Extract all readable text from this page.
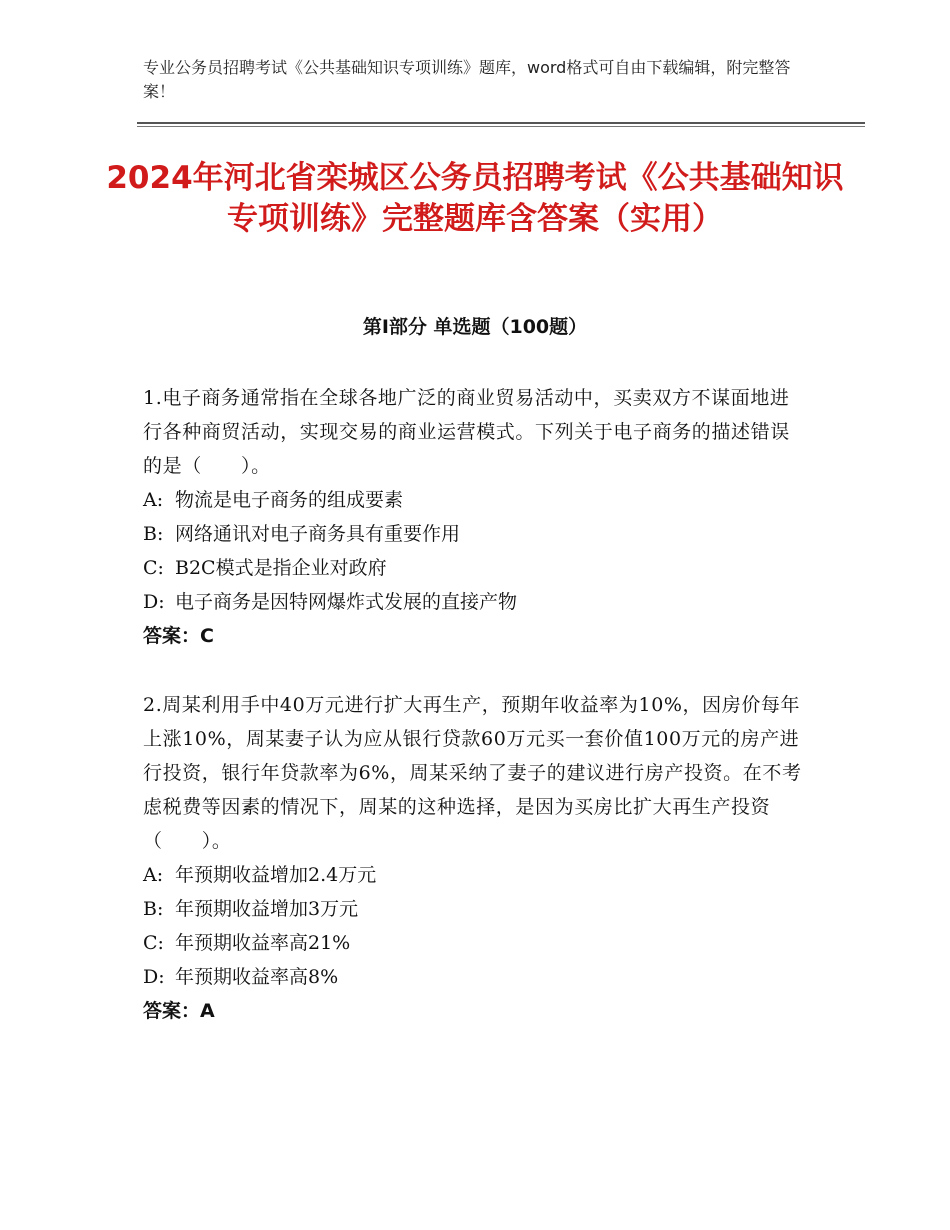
专业公务员招聘考试《公共基础知识专项训练》题库，word格式可自由下载编辑，附完整答案！
2024年河北省栾城区公务员招聘考试《公共基础知识专项训练》完整题库含答案（实用）
第Ⅰ部分 单选题（100题）

1.电子商务通常指在全球各地广泛的商业贸易活动中，买卖双方不谋面地进行各种商贸活动，实现交易的商业运营模式。下列关于电子商务的描述错误的是（　　）。

A: 物流是电子商务的组成要素

B: 网络通讯对电子商务具有重要作用

C: B2C模式是指企业对政府

D: 电子商务是因特网爆炸式发展的直接产物

答案：C

2.周某利用手中40万元进行扩大再生产，预期年收益率为10%，因房价每年上涨10%，周某妻子认为应从银行贷款60万元买一套价值100万元的房产进行投资，银行年贷款率为6%，周某采纳了妻子的建议进行房产投资。在不考虑税费等因素的情况下，周某的这种选择，是因为买房比扩大再生产投资（　　）。

A: 年预期收益增加2.4万元

B: 年预期收益增加3万元

C: 年预期收益率高21%

D: 年预期收益率高8%

答案：A
